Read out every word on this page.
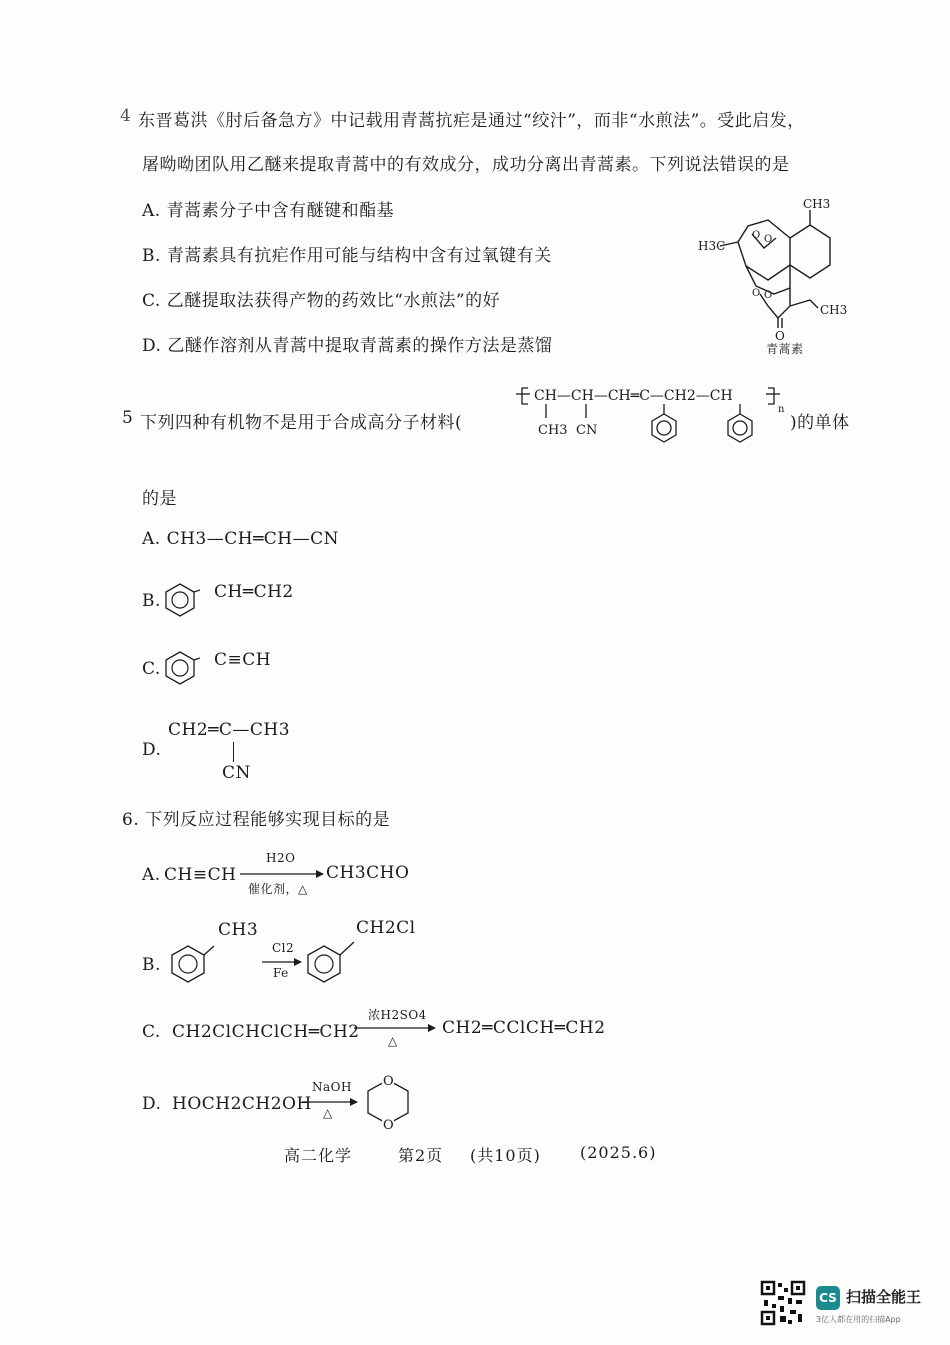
4 东晋葛洪《肘后备急方》中记载用青蒿抗疟是通过“绞汁”，而非“水煎法”。受此启发，
屠呦呦团队用乙醚来提取青蒿中的有效成分，成功分离出青蒿素。下列说法错误的是
A. 青蒿素分子中含有醚键和酯基
B. 青蒿素具有抗疟作用可能与结构中含有过氧键有关
C. 乙醚提取法获得产物的药效比“水煎法”的好
D. 乙醚作溶剂从青蒿中提取青蒿素的操作方法是蒸馏
H3C
CH3
CH3
O
O O
O O
青蒿素
5 下列四种有机物不是用于合成高分子材料(
CH—CH—CH═C—CH2—CH
CH3 CN
n
)的单体
的是
A. CH3—CH═CH—CN
B.	CH═CH2
C.	C≡CH
D.
CH2═C—CH3
CN
6. 下列反应过程能够实现目标的是
A. CH≡CH
H2O
催化剂，△
CH3CHO
B.
CH3
Cl2
Fe
CH2Cl
C. CH2ClCHClCH═CH2
浓H2SO4
△
CH2═CClCH═CH2
D. HOCH2CH2OH
NaOH
△
O
O
高二化学	第2页 (共10页) (2025.6)
CS 扫描全能王
3亿人都在用的扫描App
